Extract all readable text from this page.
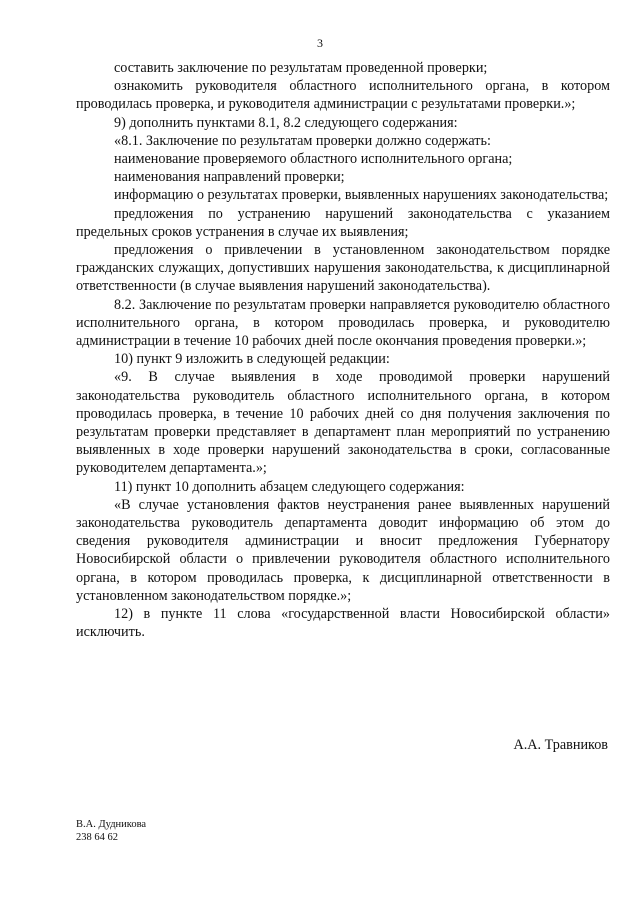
3

составить заключение по результатам проведенной проверки;

ознакомить руководителя областного исполнительного органа, в котором проводилась проверка, и руководителя администрации с результатами проверки.»;

9) дополнить пунктами 8.1, 8.2 следующего содержания:

«8.1. Заключение по результатам проверки должно содержать:

наименование проверяемого областного исполнительного органа;

наименования направлений проверки;

информацию о результатах проверки, выявленных нарушениях законодательства;

предложения по устранению нарушений законодательства с указанием предельных сроков устранения в случае их выявления;

предложения о привлечении в установленном законодательством порядке гражданских служащих, допустивших нарушения законодательства, к дисциплинарной ответственности (в случае выявления нарушений законодательства).

8.2. Заключение по результатам проверки направляется руководителю областного исполнительного органа, в котором проводилась проверка, и руководителю администрации в течение 10 рабочих дней после окончания проведения проверки.»;

10) пункт 9 изложить в следующей редакции:

«9. В случае выявления в ходе проводимой проверки нарушений законодательства руководитель областного исполнительного органа, в котором проводилась проверка, в течение 10 рабочих дней со дня получения заключения по результатам проверки представляет в департамент план мероприятий по устранению выявленных в ходе проверки нарушений законодательства в сроки, согласованные руководителем департамента.»;

11) пункт 10 дополнить абзацем следующего содержания:

«В случае установления фактов неустранения ранее выявленных нарушений законодательства руководитель департамента доводит информацию об этом до сведения руководителя администрации и вносит предложения Губернатору Новосибирской области о привлечении руководителя областного исполнительного органа, в котором проводилась проверка, к дисциплинарной ответственности в установленном законодательством порядке.»;

12) в пункте 11 слова «государственной власти Новосибирской области» исключить.

А.А. Травников
В.А. Дудникова
238 64 62
